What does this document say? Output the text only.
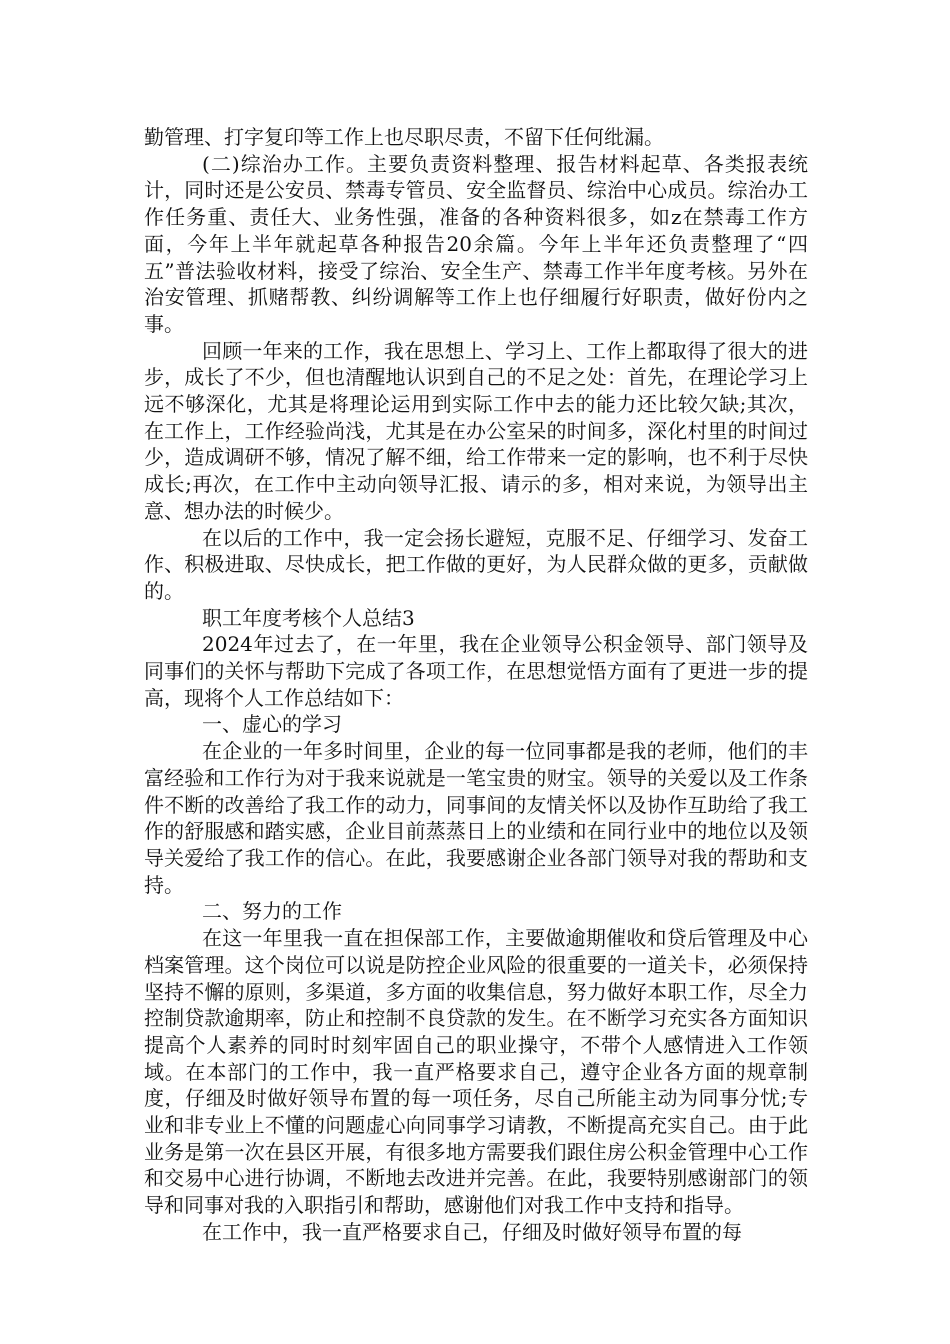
勤管理、打字复印等工作上也尽职尽责，不留下任何纰漏。

(二)综治办工作。主要负责资料整理、报告材料起草、各类报表统计，同时还是公安员、禁毒专管员、安全监督员、综治中心成员。综治办工作任务重、责任大、业务性强，准备的各种资料很多，如z在禁毒工作方面，今年上半年就起草各种报告20余篇。今年上半年还负责整理了“四五”普法验收材料，接受了综治、安全生产、禁毒工作半年度考核。另外在治安管理、抓赌帮教、纠纷调解等工作上也仔细履行好职责，做好份内之事。

回顾一年来的工作，我在思想上、学习上、工作上都取得了很大的进步，成长了不少，但也清醒地认识到自己的不足之处：首先，在理论学习上远不够深化，尤其是将理论运用到实际工作中去的能力还比较欠缺;其次，在工作上，工作经验尚浅，尤其是在办公室呆的时间多，深化村里的时间过少，造成调研不够，情况了解不细，给工作带来一定的影响，也不利于尽快成长;再次，在工作中主动向领导汇报、请示的多，相对来说，为领导出主意、想办法的时候少。

在以后的工作中，我一定会扬长避短，克服不足、仔细学习、发奋工作、积极进取、尽快成长，把工作做的更好，为人民群众做的更多，贡献做的。

职工年度考核个人总结3

2024年过去了，在一年里，我在企业领导公积金领导、部门领导及同事们的关怀与帮助下完成了各项工作，在思想觉悟方面有了更进一步的提高，现将个人工作总结如下：

一、虚心的学习

在企业的一年多时间里，企业的每一位同事都是我的老师，他们的丰富经验和工作行为对于我来说就是一笔宝贵的财宝。领导的关爱以及工作条件不断的改善给了我工作的动力，同事间的友情关怀以及协作互助给了我工作的舒服感和踏实感，企业目前蒸蒸日上的业绩和在同行业中的地位以及领导关爱给了我工作的信心。在此，我要感谢企业各部门领导对我的帮助和支持。

二、努力的工作

在这一年里我一直在担保部工作，主要做逾期催收和贷后管理及中心档案管理。这个岗位可以说是防控企业风险的很重要的一道关卡，必须保持坚持不懈的原则，多渠道，多方面的收集信息，努力做好本职工作，尽全力控制贷款逾期率，防止和控制不良贷款的发生。在不断学习充实各方面知识提高个人素养的同时时刻牢固自己的职业操守，不带个人感情进入工作领域。在本部门的工作中，我一直严格要求自己，遵守企业各方面的规章制度，仔细及时做好领导布置的每一项任务，尽自己所能主动为同事分忧;专业和非专业上不懂的问题虚心向同事学习请教，不断提高充实自己。由于此业务是第一次在县区开展，有很多地方需要我们跟住房公积金管理中心工作和交易中心进行协调，不断地去改进并完善。在此，我要特别感谢部门的领导和同事对我的入职指引和帮助，感谢他们对我工作中支持和指导。

在工作中，我一直严格要求自己，仔细及时做好领导布置的每
